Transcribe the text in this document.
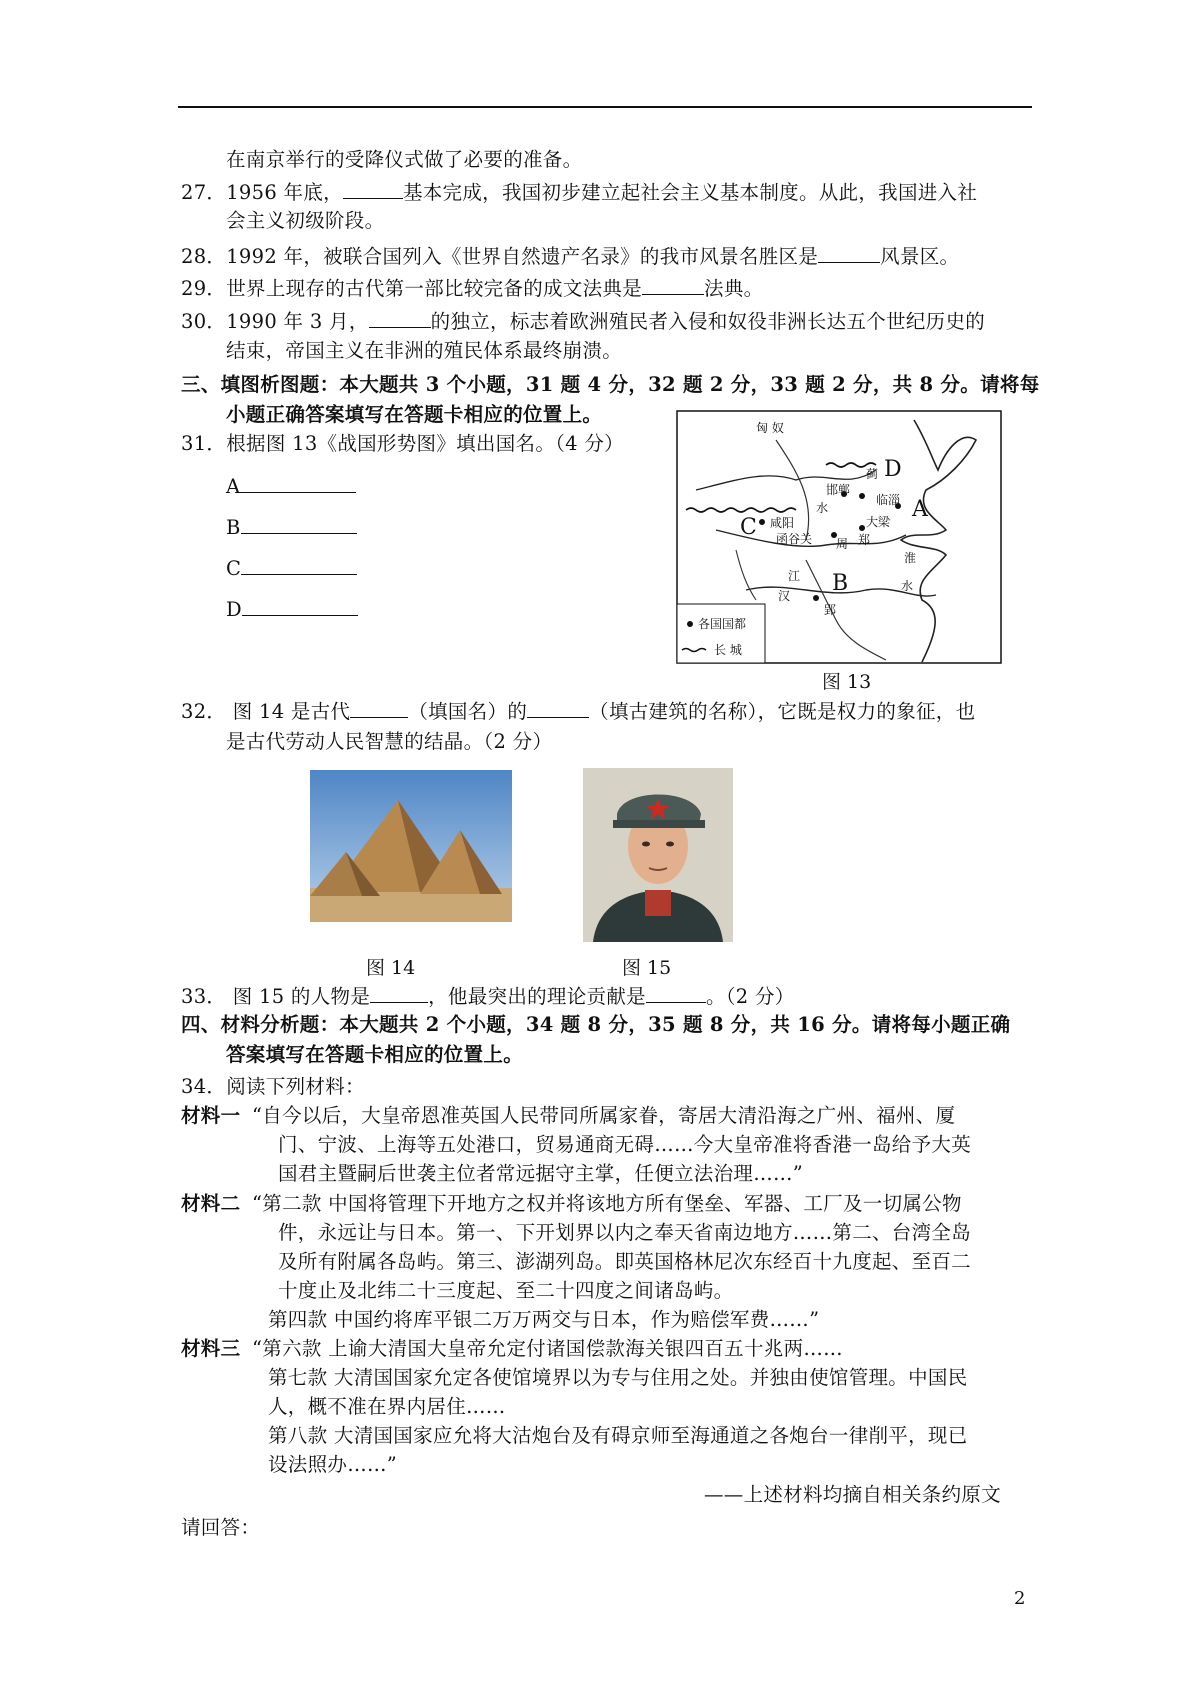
在南京举行的受降仪式做了必要的准备。
27．1956 年底，	基本完成，我国初步建立起社会主义基本制度。从此，我国进入社
会主义初级阶段。
28．1992 年，被联合国列入《世界自然遗产名录》的我市风景名胜区是	风景区。
29．世界上现存的古代第一部比较完备的成文法典是	法典。
30．1990 年 3 月，	的独立，标志着欧洲殖民者入侵和奴役非洲长达五个世纪历史的
结束，帝国主义在非洲的殖民体系最终崩溃。
三、填图析图题：本大题共 3 个小题，31 题 4 分，32 题 2 分，33 题 2 分，共 8 分。请将每
小题正确答案填写在答题卡相应的位置上。
31．根据图 13《战国形势图》填出国名。（4 分）
A
B
C
D
匈 奴
邯郸
蓟
临淄
咸阳
函谷关 周 郑
大梁
郢
水
淮
江
汉
水
A
B
C
D
各国国都
长 城
图 13
32． 图 14 是古代	（填国名）的	（填古建筑的名称），它既是权力的象征，也
是古代劳动人民智慧的结晶。（2 分）
图 14	图 15
33． 图 15 的人物是	，他最突出的理论贡献是	。（2 分）
四、材料分析题：本大题共 2 个小题，34 题 8 分，35 题 8 分，共 16 分。请将每小题正确
答案填写在答题卡相应的位置上。
34．阅读下列材料：
材料一 “自今以后，大皇帝恩准英国人民带同所属家眷，寄居大清沿海之广州、福州、厦
门、宁波、上海等五处港口，贸易通商无碍……今大皇帝准将香港一岛给予大英
国君主暨嗣后世袭主位者常远据守主掌，任便立法治理……”
材料二 “第二款 中国将管理下开地方之权并将该地方所有堡垒、军器、工厂及一切属公物
件，永远让与日本。第一、下开划界以内之奉天省南边地方……第二、台湾全岛
及所有附属各岛屿。第三、澎湖列岛。即英国格林尼次东经百十九度起、至百二
十度止及北纬二十三度起、至二十四度之间诸岛屿。
第四款 中国约将库平银二万万两交与日本，作为赔偿军费……”
材料三 “第六款 上谕大清国大皇帝允定付诸国偿款海关银四百五十兆两……
第七款 大清国国家允定各使馆境界以为专与住用之处。并独由使馆管理。中国民
人，概不准在界内居住……
第八款 大清国国家应允将大沽炮台及有碍京师至海通道之各炮台一律削平，现已
设法照办……”
——上述材料均摘自相关条约原文
请回答：
2
